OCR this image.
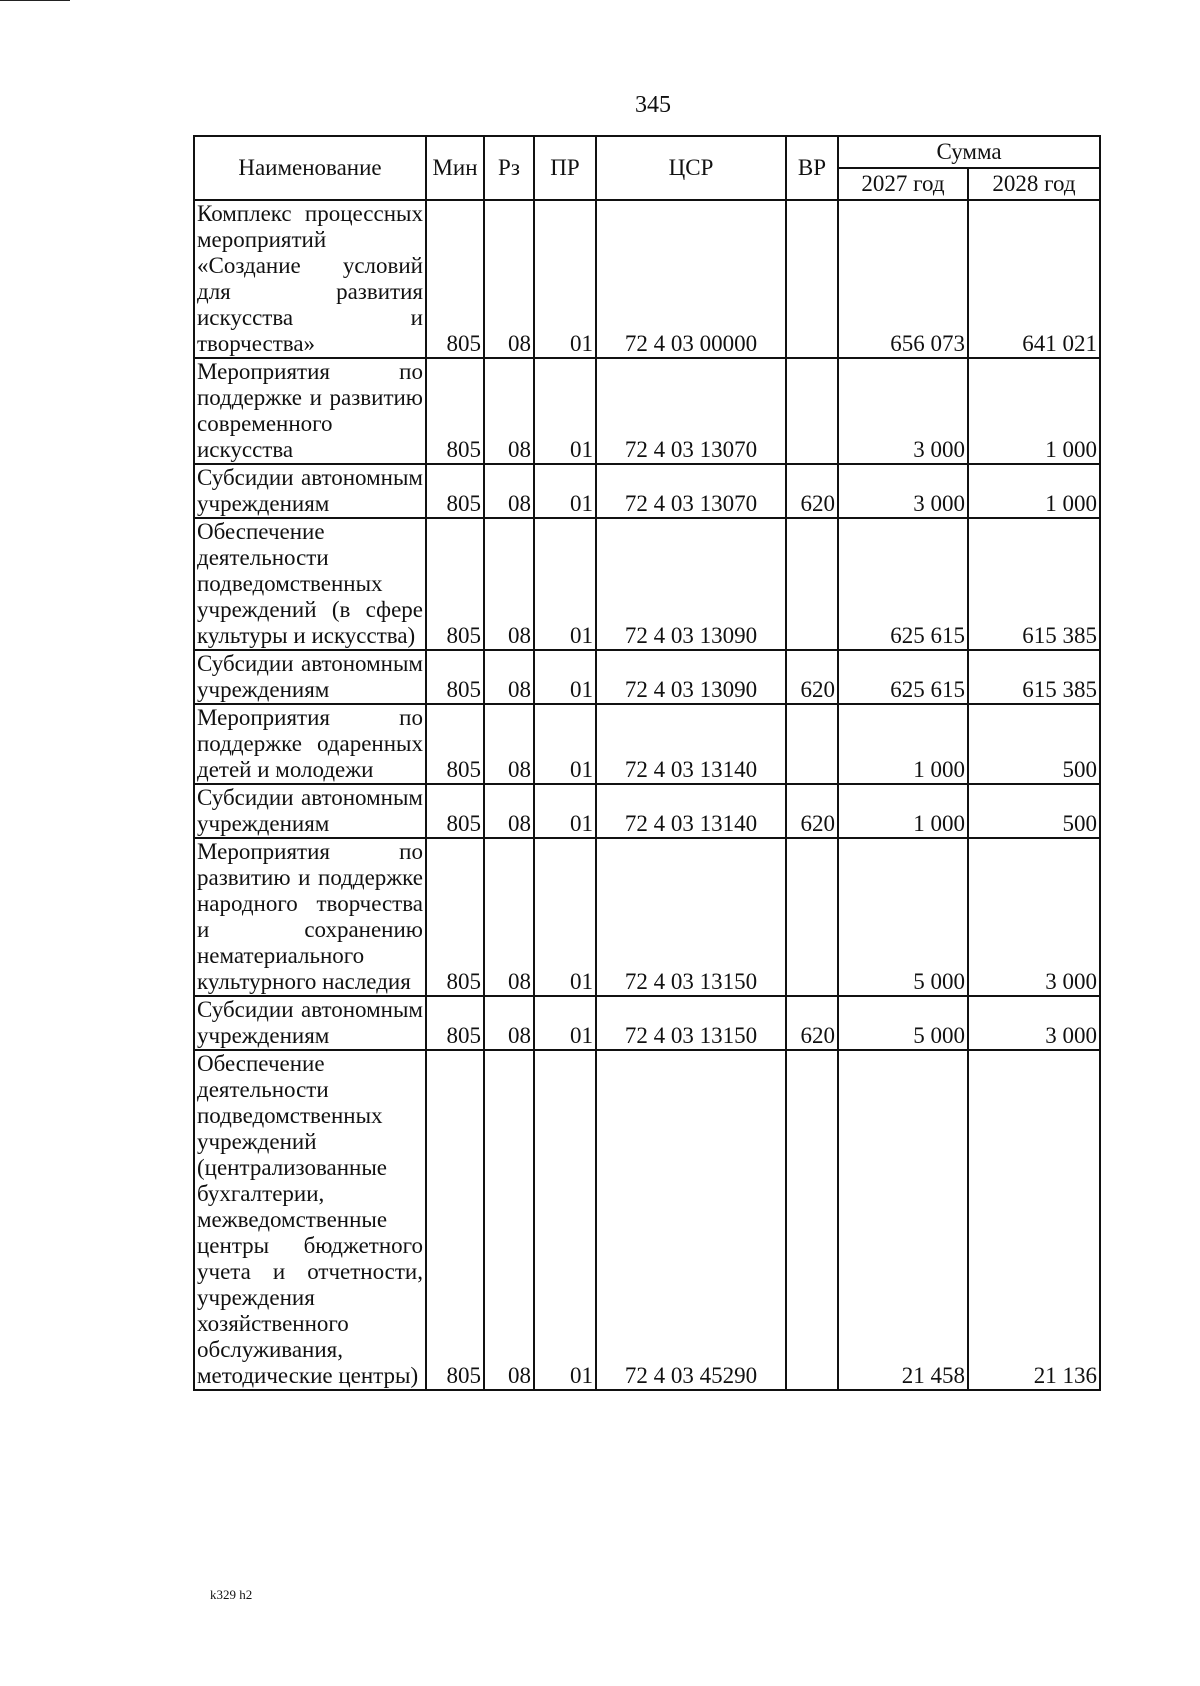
345
Наименование	Мин	Рз	ПР	ЦСР	ВР	Сумма	
						2027 год	2028 год
Комплекс процессных мероприятий «Создание условий для развития искусства и творчества»	805	08	01	72 4 03 00000		656 073	641 021
Мероприятия по поддержке и развитию современного искусства	805	08	01	72 4 03 13070		3 000	1 000
Субсидии автономным учреждениям	805	08	01	72 4 03 13070	620	3 000	1 000
Обеспечение деятельности подведомственных учреждений (в сфере культуры и искусства)	805	08	01	72 4 03 13090		625 615	615 385
Субсидии автономным учреждениям	805	08	01	72 4 03 13090	620	625 615	615 385
Мероприятия по поддержке одаренных детей и молодежи	805	08	01	72 4 03 13140		1 000	500
Субсидии автономным учреждениям	805	08	01	72 4 03 13140	620	1 000	500
Мероприятия по развитию и поддержке народного творчества и сохранению нематериального культурного наследия	805	08	01	72 4 03 13150		5 000	3 000
Субсидии автономным учреждениям	805	08	01	72 4 03 13150	620	5 000	3 000
Обеспечение деятельности подведомственных учреждений (централизованные бухгалтерии, межведомственные центры бюджетного учета и отчетности, учреждения хозяйственного обслуживания, методические центры)	805	08	01	72 4 03 45290		21 458	21 136
k329 h2
